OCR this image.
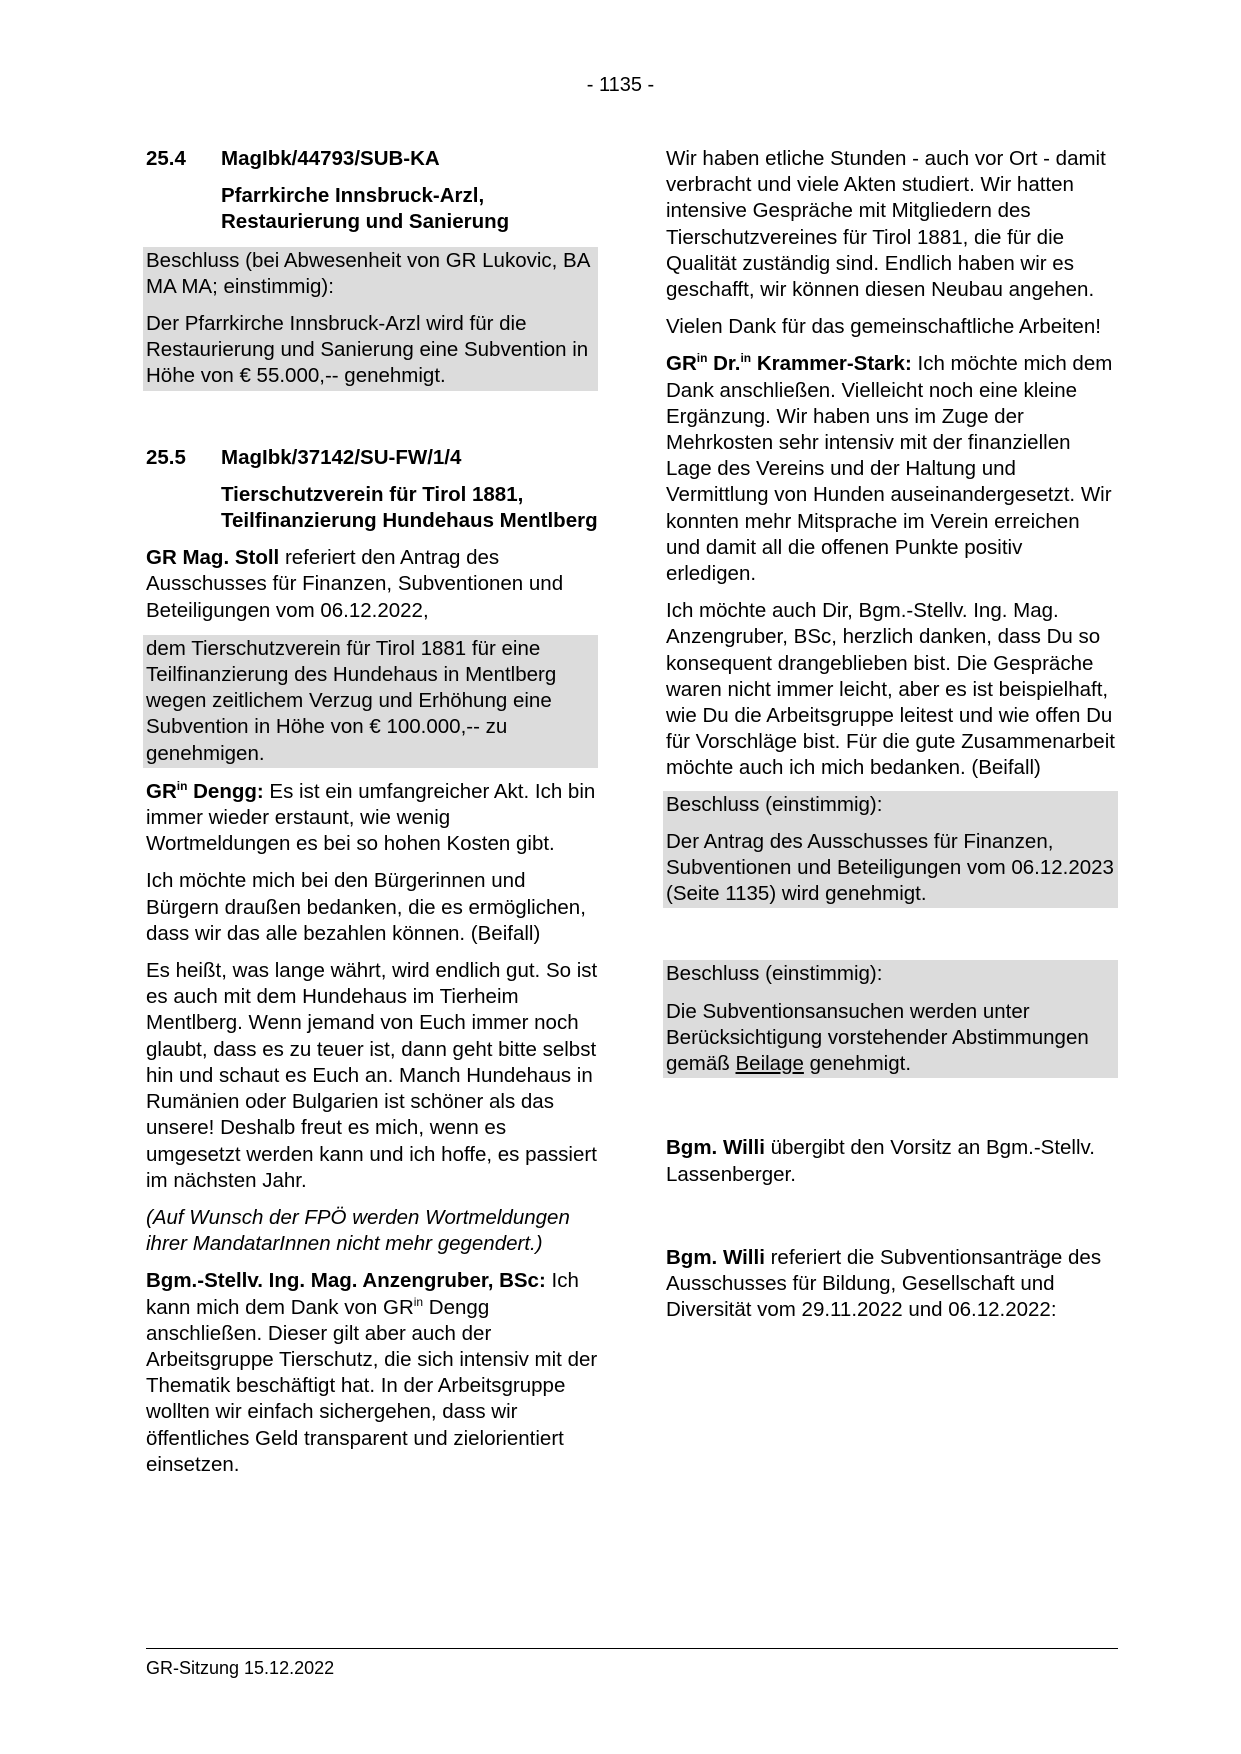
- 1135 -
25.4	MagIbk/44793/SUB-KA

Pfarrkirche Innsbruck-Arzl, Restaurierung und Sanierung

Beschluss (bei Abwesenheit von GR Lukovic, BA MA MA; einstimmig):

Der Pfarrkirche Innsbruck-Arzl wird für die Restaurierung und Sanierung eine Subvention in Höhe von € 55.000,-- genehmigt.

25.5	MagIbk/37142/SU-FW/1/4

Tierschutzverein für Tirol 1881, Teilfinanzierung Hundehaus Mentlberg

GR Mag. Stoll referiert den Antrag des Ausschusses für Finanzen, Subventionen und Beteiligungen vom 06.12.2022,

dem Tierschutzverein für Tirol 1881 für eine Teilfinanzierung des Hundehaus in Mentlberg wegen zeitlichem Verzug und Erhöhung eine Subvention in Höhe von € 100.000,-- zu genehmigen.

$GR^{in}$ Dengg: Es ist ein umfangreicher Akt. Ich bin immer wieder erstaunt, wie wenig Wortmeldungen es bei so hohen Kosten gibt.

Ich möchte mich bei den Bürgerinnen und Bürgern draußen bedanken, die es ermöglichen, dass wir das alle bezahlen können. (Beifall)

Es heißt, was lange währt, wird endlich gut. So ist es auch mit dem Hundehaus im Tierheim Mentlberg. Wenn jemand von Euch immer noch glaubt, dass es zu teuer ist, dann geht bitte selbst hin und schaut es Euch an. Manch Hundehaus in Rumänien oder Bulgarien ist schöner als das unsere! Deshalb freut es mich, wenn es umgesetzt werden kann und ich hoffe, es passiert im nächsten Jahr.

(Auf Wunsch der FPÖ werden Wortmeldungen ihrer MandatarInnen nicht mehr gegendert.)

Bgm.-Stellv. Ing. Mag. Anzengruber, BSc: Ich kann mich dem Dank von $GR^{in}$ Dengg anschließen. Dieser gilt aber auch der Arbeitsgruppe Tierschutz, die sich intensiv mit der Thematik beschäftigt hat. In der Arbeitsgruppe wollten wir einfach sichergehen, dass wir öffentliches Geld transparent und zielorientiert einsetzen.

Wir haben etliche Stunden - auch vor Ort - damit verbracht und viele Akten studiert. Wir hatten intensive Gespräche mit Mitgliedern des Tierschutzvereines für Tirol 1881, die für die Qualität zuständig sind. Endlich haben wir es geschafft, wir können diesen Neubau angehen.

Vielen Dank für das gemeinschaftliche Arbeiten!

$GR^{in}$ Dr.$^{in}$ Krammer-Stark: Ich möchte mich dem Dank anschließen. Vielleicht noch eine kleine Ergänzung. Wir haben uns im Zuge der Mehrkosten sehr intensiv mit der finanziellen Lage des Vereins und der Haltung und Vermittlung von Hunden auseinandergesetzt. Wir konnten mehr Mitsprache im Verein erreichen und damit all die offenen Punkte positiv erledigen.

Ich möchte auch Dir, Bgm.-Stellv. Ing. Mag. Anzengruber, BSc, herzlich danken, dass Du so konsequent drangeblieben bist. Die Gespräche waren nicht immer leicht, aber es ist beispielhaft, wie Du die Arbeitsgruppe leitest und wie offen Du für Vorschläge bist. Für die gute Zusammenarbeit möchte auch ich mich bedanken. (Beifall)

Beschluss (einstimmig):

Der Antrag des Ausschusses für Finanzen, Subventionen und Beteiligungen vom 06.12.2023 (Seite 1135) wird genehmigt.

Beschluss (einstimmig):

Die Subventionsansuchen werden unter Berücksichtigung vorstehender Abstimmungen gemäß Beilage genehmigt.

Bgm. Willi übergibt den Vorsitz an Bgm.-Stellv. Lassenberger.

Bgm. Willi referiert die Subventionsanträge des Ausschusses für Bildung, Gesellschaft und Diversität vom 29.11.2022 und 06.12.2022:

GR-Sitzung 15.12.2022
